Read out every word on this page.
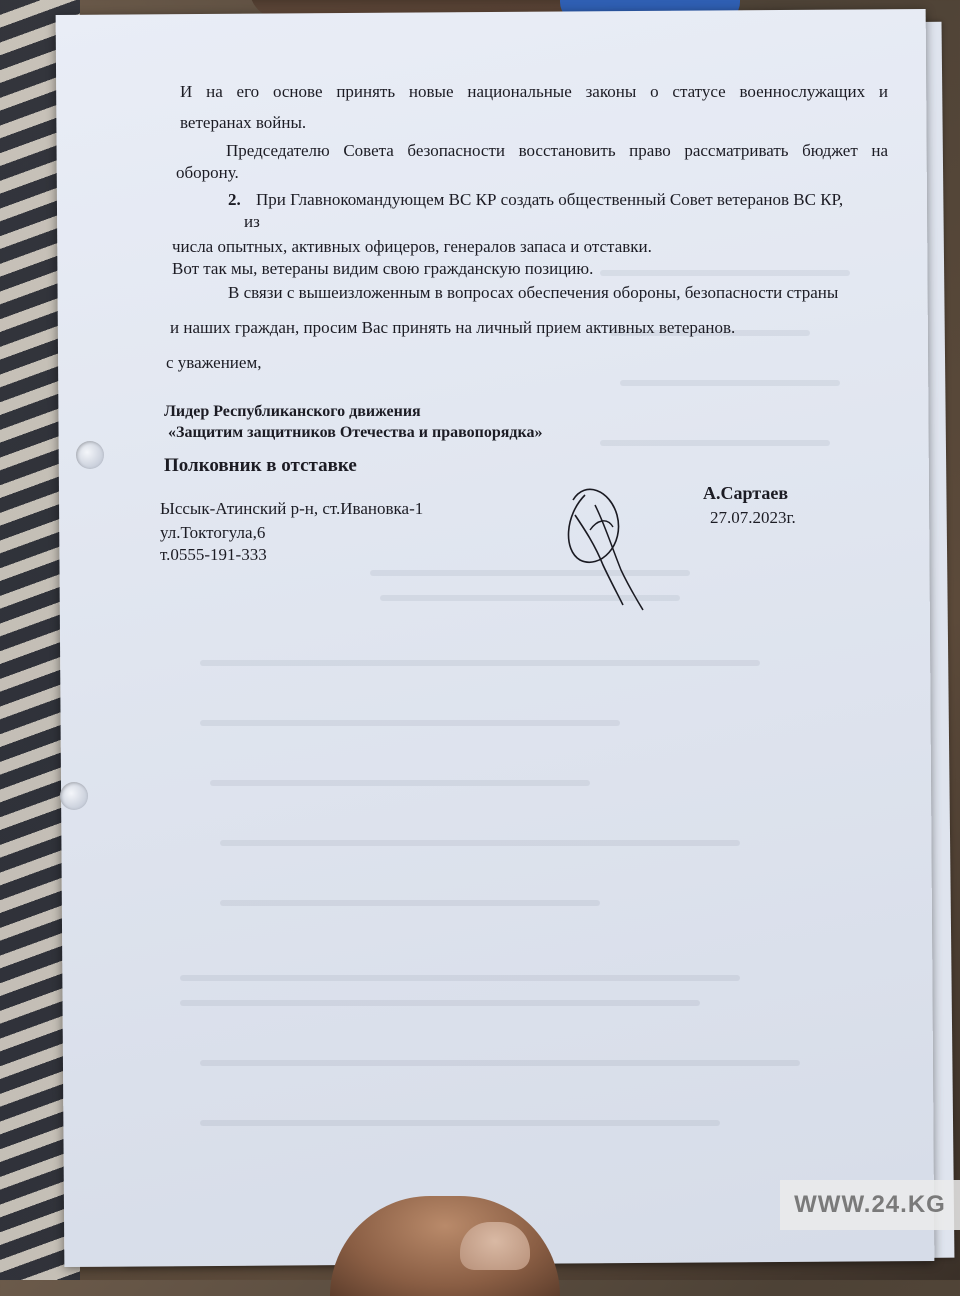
И на его основе принять новые национальные законы о статусе военнослужащих и
ветеранах войны.
Председателю Совета безопасности восстановить право рассматривать бюджет на
оборону.
2. При Главнокомандующем ВС КР создать общественный Совет ветеранов ВС КР,
из
числа опытных, активных офицеров, генералов запаса и отставки.
Вот так мы, ветераны видим свою гражданскую позицию.
В связи с вышеизложенным в вопросах обеспечения обороны, безопасности страны
и наших граждан, просим Вас принять на личный прием активных ветеранов.
с уважением,
Лидер Республиканского движения
«Защитим защитников Отечества и правопорядка»
Полковник в отставке
А.Сартаев
27.07.2023г.
Ыссык-Атинский р-н, ст.Ивановка-1
ул.Токтогула,6
т.0555-191-333
WWW.24.KG
